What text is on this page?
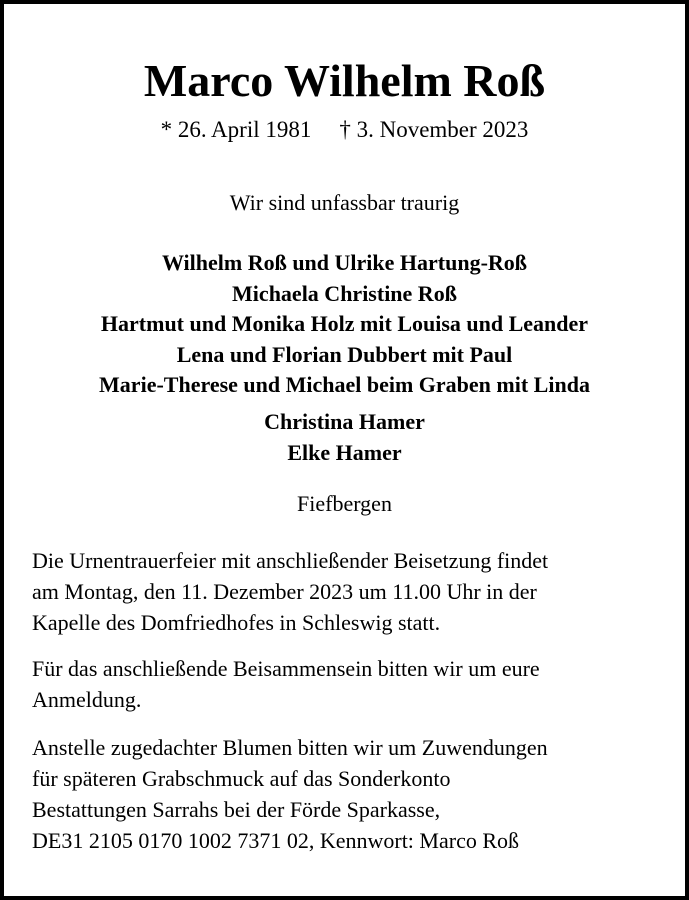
Marco Wilhelm Roß

* 26. April 1981 † 3. November 2023

Wir sind unfassbar traurig

Wilhelm Roß und Ulrike Hartung-Roß
Michaela Christine Roß
Hartmut und Monika Holz mit Louisa und Leander
Lena und Florian Dubbert mit Paul
Marie-Therese und Michael beim Graben mit Linda
Christina Hamer
Elke Hamer

Fiefbergen

Die Urnentrauerfeier mit anschließender Beisetzung findet
am Montag, den 11. Dezember 2023 um 11.00 Uhr in der
Kapelle des Domfriedhofes in Schleswig statt.

Für das anschließende Beisammensein bitten wir um eure
Anmeldung.

Anstelle zugedachter Blumen bitten wir um Zuwendungen
für späteren Grabschmuck auf das Sonderkonto
Bestattungen Sarrahs bei der Förde Sparkasse,
DE31 2105 0170 1002 7371 02, Kennwort: Marco Roß
